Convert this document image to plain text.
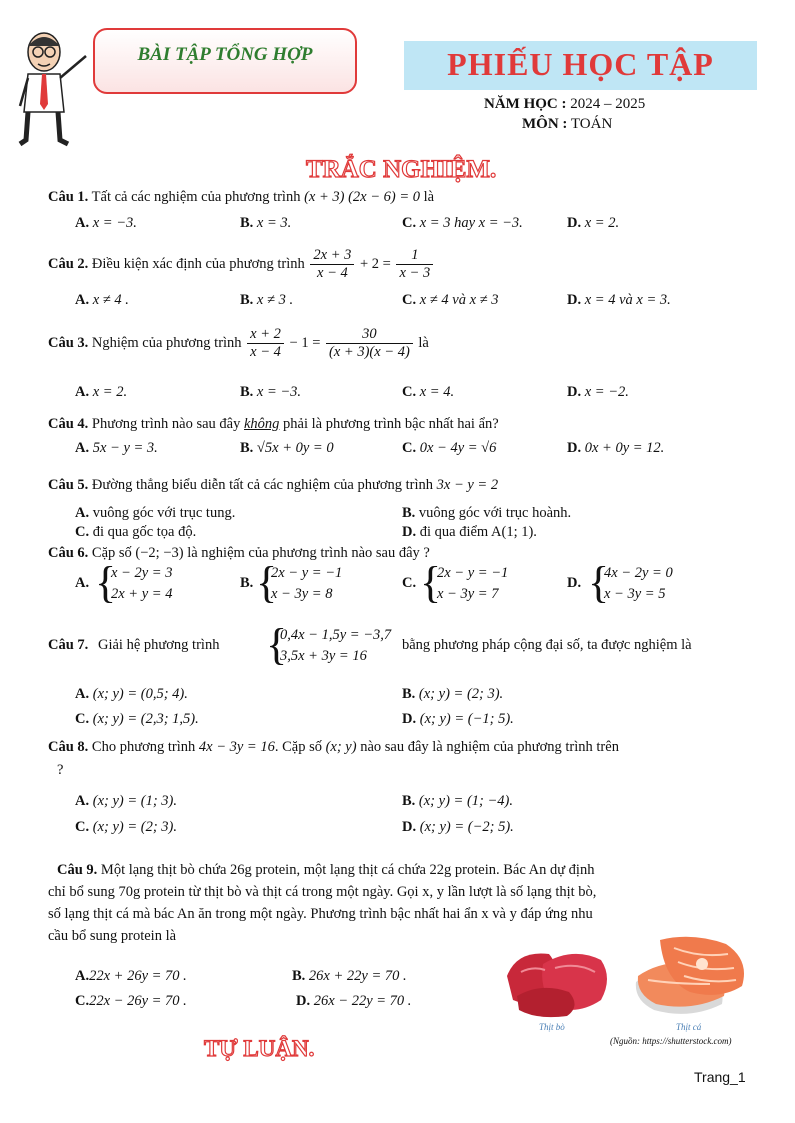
BÀI TẬP TỔNG HỢP	PHIẾU HỌC TẬP
NĂM HỌC : 2024 – 2025
MÔN : TOÁN
TRẮC NGHIỆM.
Câu 1. Tất cả các nghiệm của phương trình (x + 3) (2x − 6) = 0 là
A. x = −3.	B. x = 3.	C. x = 3 hay x = −3.	D. x = 2.
Câu 2. Điều kiện xác định của phương trình $\frac{2x + 3}{x - 4} + 2 = \frac{1}{x - 3}$
A. x ≠ 4 .	B. x ≠ 3 .	C. x ≠ 4 và x ≠ 3	D. x = 4 và x = 3.
Câu 3. Nghiệm của phương trình $\frac{x + 2}{x - 4} - 1 = \frac{30}{(x + 3)(x - 4)}$ là
A. x = 2.	B. x = −3.	C. x = 4.	D. x = −2.
Câu 4. Phương trình nào sau đây không phải là phương trình bậc nhất hai ẩn?
A. 5x − y = 3.	B. √5x + 0y = 0	C. 0x − 4y = √6	D. 0x + 0y = 12.
Câu 5. Đường thẳng biểu diễn tất cả các nghiệm của phương trình 3x − y = 2
A. vuông góc với trục tung.	B. vuông góc với trục hoành.
C. đi qua gốc tọa độ.	D. đi qua điểm A(1; 1).
Câu 6. Cặp số (−2; −3) là nghiệm của phương trình nào sau đây ?
A. {
x − 2y = 3
2x + y = 4
B. {
2x − y = −1
x − 3y = 8
C. {
2x − y = −1
x − 3y = 7
D. {
4x − 2y = 0
x − 3y = 5
Câu 7. Giải hệ phương trình {
0,4x − 1,5y = −3,7
3,5x + 3y = 16
bằng phương pháp cộng đại số, ta được nghiệm là
A. (x; y) = (0,5; 4).	B. (x; y) = (2; 3).
C. (x; y) = (2,3; 1,5).	D. (x; y) = (−1; 5).
Câu 8. Cho phương trình 4x − 3y = 16. Cặp số (x; y) nào sau đây là nghiệm của phương trình trên
?
A. (x; y) = (1; 3).	B. (x; y) = (1; −4).
C. (x; y) = (2; 3).	D. (x; y) = (−2; 5).
Câu 9. Một lạng thịt bò chứa 26g protein, một lạng thịt cá chứa 22g protein. Bác An dự định
chỉ bổ sung 70g protein từ thịt bò và thịt cá trong một ngày. Gọi x, y lần lượt là số lạng thịt bò,
số lạng thịt cá mà bác An ăn trong một ngày. Phương trình bậc nhất hai ẩn x và y đáp ứng nhu
cầu bổ sung protein là
A.22x + 26y = 70 .	B. 26x + 22y = 70 .
C.22x − 26y = 70 .	D. 26x − 22y = 70 .
Thịt bò	Thịt cá
(Nguồn: https://shutterstock.com)
TỰ LUẬN.
Trang_1
